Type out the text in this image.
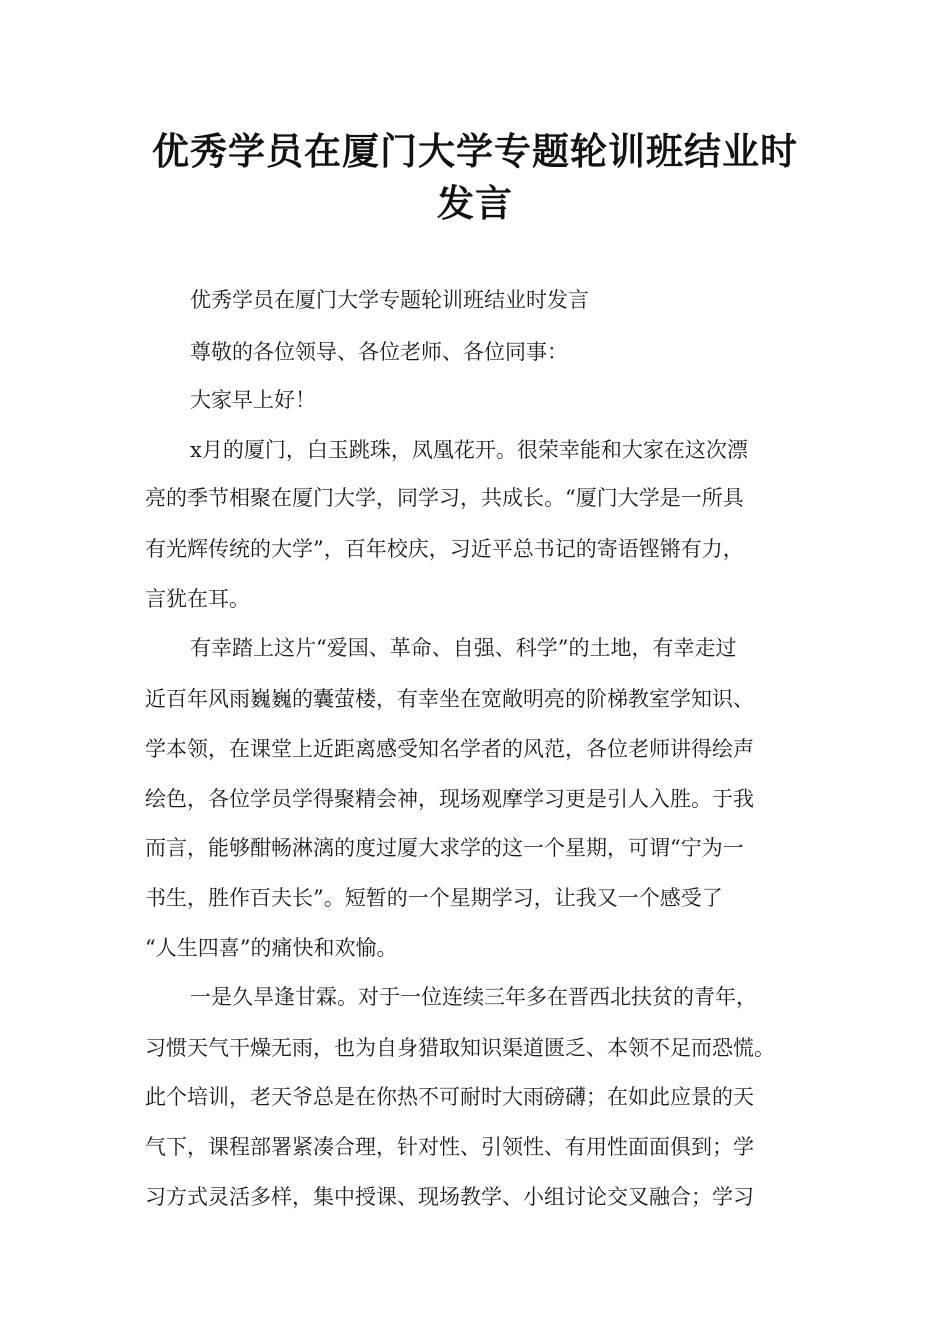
优秀学员在厦门大学专题轮训班结业时
发言

优秀学员在厦门大学专题轮训班结业时发言

尊敬的各位领导、各位老师、各位同事：

大家早上好！

x月的厦门，白玉跳珠，凤凰花开。很荣幸能和大家在这次漂

亮的季节相聚在厦门大学，同学习，共成长。“厦门大学是一所具

有光辉传统的大学”，百年校庆，习近平总书记的寄语铿锵有力，

言犹在耳。

有幸踏上这片“爱国、革命、自强、科学”的土地，有幸走过

近百年风雨巍巍的囊萤楼，有幸坐在宽敞明亮的阶梯教室学知识、

学本领，在课堂上近距离感受知名学者的风范，各位老师讲得绘声

绘色，各位学员学得聚精会神，现场观摩学习更是引人入胜。于我

而言，能够酣畅淋漓的度过厦大求学的这一个星期，可谓“宁为一

书生，胜作百夫长”。短暂的一个星期学习，让我又一个感受了

“人生四喜”的痛快和欢愉。

一是久旱逢甘霖。对于一位连续三年多在晋西北扶贫的青年，

习惯天气干燥无雨，也为自身猎取知识渠道匮乏、本领不足而恐慌。

此个培训，老天爷总是在你热不可耐时大雨磅礴；在如此应景的天

气下，课程部署紧凑合理，针对性、引领性、有用性面面俱到；学

习方式灵活多样，集中授课、现场教学、小组讨论交叉融合；学习
